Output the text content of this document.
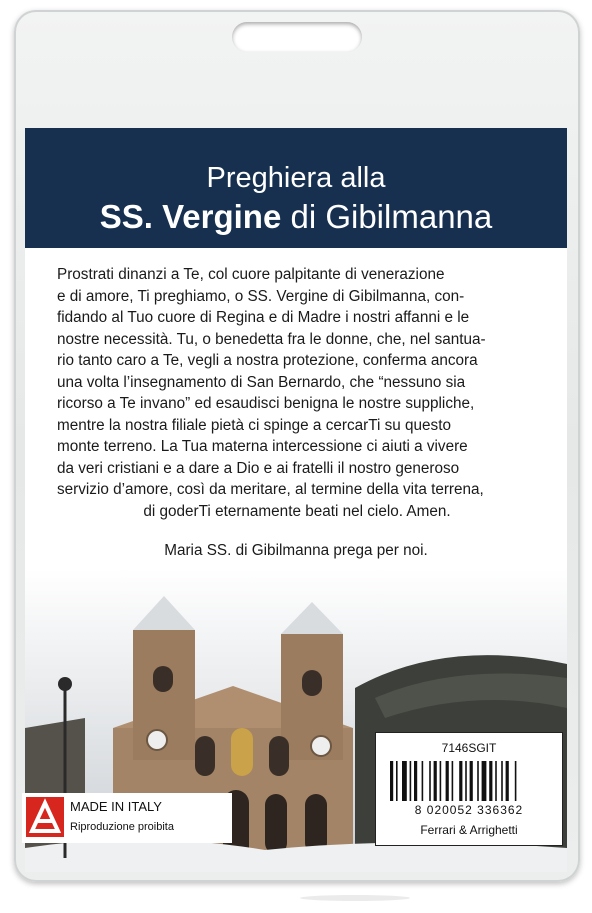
Preghiera alla
SS. Vergine di Gibilmanna
Prostrati dinanzi a Te, col cuore palpitante di venerazione
e di amore, Ti preghiamo, o SS. Vergine di Gibilmanna, con-
fidando al Tuo cuore di Regina e di Madre i nostri affanni e le
nostre necessità. Tu, o benedetta fra le donne, che, nel santua-
rio tanto caro a Te, vegli a nostra protezione, conferma ancora
una volta l’insegnamento di San Bernardo, che “nessuno sia
ricorso a Te invano” ed esaudisci benigna le nostre suppliche,
mentre la nostra filiale pietà ci spinge a cercarTi su questo
monte terreno. La Tua materna intercessione ci aiuti a vivere
da veri cristiani e a dare a Dio e ai fratelli il nostro generoso
servizio d’amore, così da meritare, al termine della vita terrena,
di goderTi eternamente beati nel cielo. Amen.
Maria SS. di Gibilmanna prega per noi.
7146SGIT
8 020052 336362
Ferrari & Arrighetti
MADE IN ITALY
Riproduzione proibita
